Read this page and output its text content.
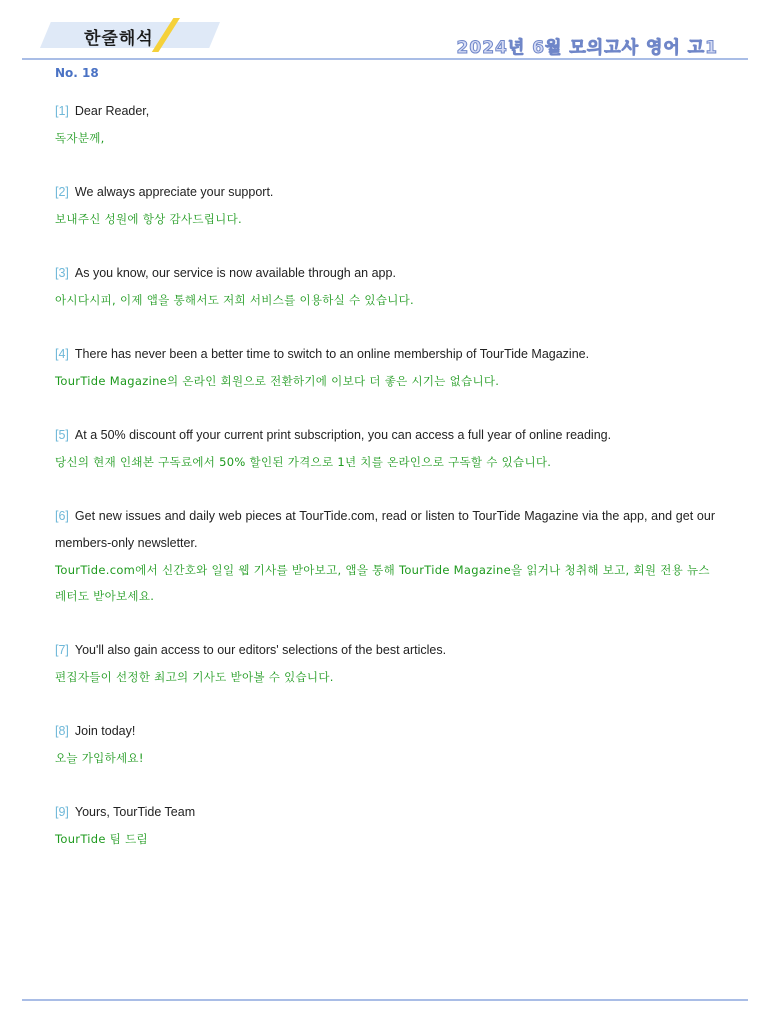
한줄해석	2024년 6월 모의고사 영어 고1
No. 18
[1] Dear Reader,
독자분께,
[2] We always appreciate your support.
보내주신 성원에 항상 감사드립니다.
[3] As you know, our service is now available through an app.
아시다시피, 이제 앱을 통해서도 저희 서비스를 이용하실 수 있습니다.
[4] There has never been a better time to switch to an online membership of TourTide Magazine.
TourTide Magazine의 온라인 회원으로 전환하기에 이보다 더 좋은 시기는 없습니다.
[5] At a 50% discount off your current print subscription, you can access a full year of online reading.
당신의 현재 인쇄본 구독료에서 50% 할인된 가격으로 1년 치를 온라인으로 구독할 수 있습니다.
[6] Get new issues and daily web pieces at TourTide.com, read or listen to TourTide Magazine via the app, and get our members-only newsletter.
TourTide.com에서 신간호와 일일 웹 기사를 받아보고, 앱을 통해 TourTide Magazine을 읽거나 청취해 보고, 회원 전용 뉴스레터도 받아보세요.
[7] You'll also gain access to our editors' selections of the best articles.
편집자들이 선정한 최고의 기사도 받아볼 수 있습니다.
[8] Join today!
오늘 가입하세요!
[9] Yours, TourTide Team
TourTide 팀 드림
